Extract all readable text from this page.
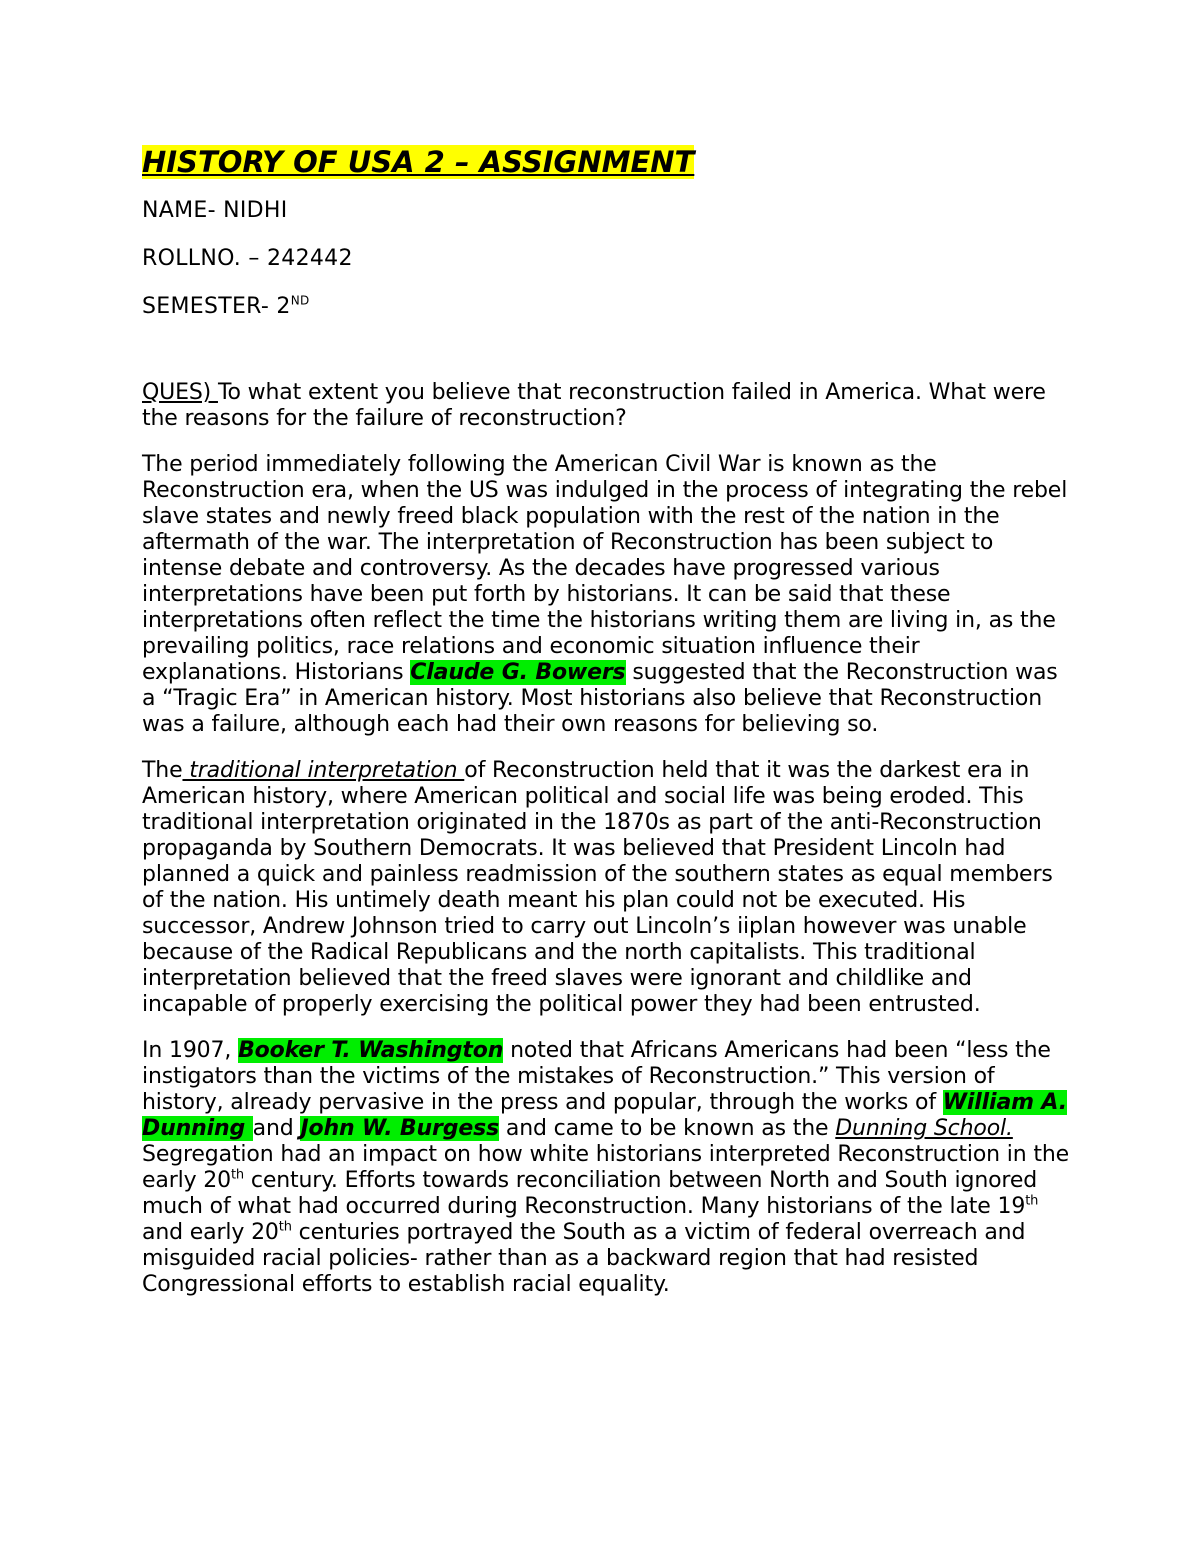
HISTORY OF USA 2 – ASSIGNMENT
NAME- NIDHI
ROLLNO. – 242442
SEMESTER- 2ND

QUES) To what extent you believe that reconstruction failed in America. What were the reasons for the failure of reconstruction?

The period immediately following the American Civil War is known as the Reconstruction era, when the US was indulged in the process of integrating the rebel slave states and newly freed black population with the rest of the nation in the aftermath of the war. The interpretation of Reconstruction has been subject to intense debate and controversy. As the decades have progressed various interpretations have been put forth by historians. It can be said that these interpretations often reflect the time the historians writing them are living in, as the prevailing politics, race relations and economic situation influence their explanations. Historians Claude G. Bowers suggested that the Reconstruction was a “Tragic Era” in American history. Most historians also believe that Reconstruction was a failure, although each had their own reasons for believing so.

The traditional interpretation of Reconstruction held that it was the darkest era in American history, where American political and social life was being eroded. This traditional interpretation originated in the 1870s as part of the anti-Reconstruction propaganda by Southern Democrats. It was believed that President Lincoln had planned a quick and painless readmission of the southern states as equal members of the nation. His untimely death meant his plan could not be executed. His successor, Andrew Johnson tried to carry out Lincoln’s iiplan however was unable because of the Radical Republicans and the north capitalists. This traditional interpretation believed that the freed slaves were ignorant and childlike and incapable of properly exercising the political power they had been entrusted.

In 1907, Booker T. Washington noted that Africans Americans had been “less the instigators than the victims of the mistakes of Reconstruction.” This version of history, already pervasive in the press and popular, through the works of William A. Dunning and John W. Burgess and came to be known as the Dunning School. Segregation had an impact on how white historians interpreted Reconstruction in the early 20th century. Efforts towards reconciliation between North and South ignored much of what had occurred during Reconstruction. Many historians of the late 19th and early 20th centuries portrayed the South as a victim of federal overreach and misguided racial policies- rather than as a backward region that had resisted Congressional efforts to establish racial equality.
